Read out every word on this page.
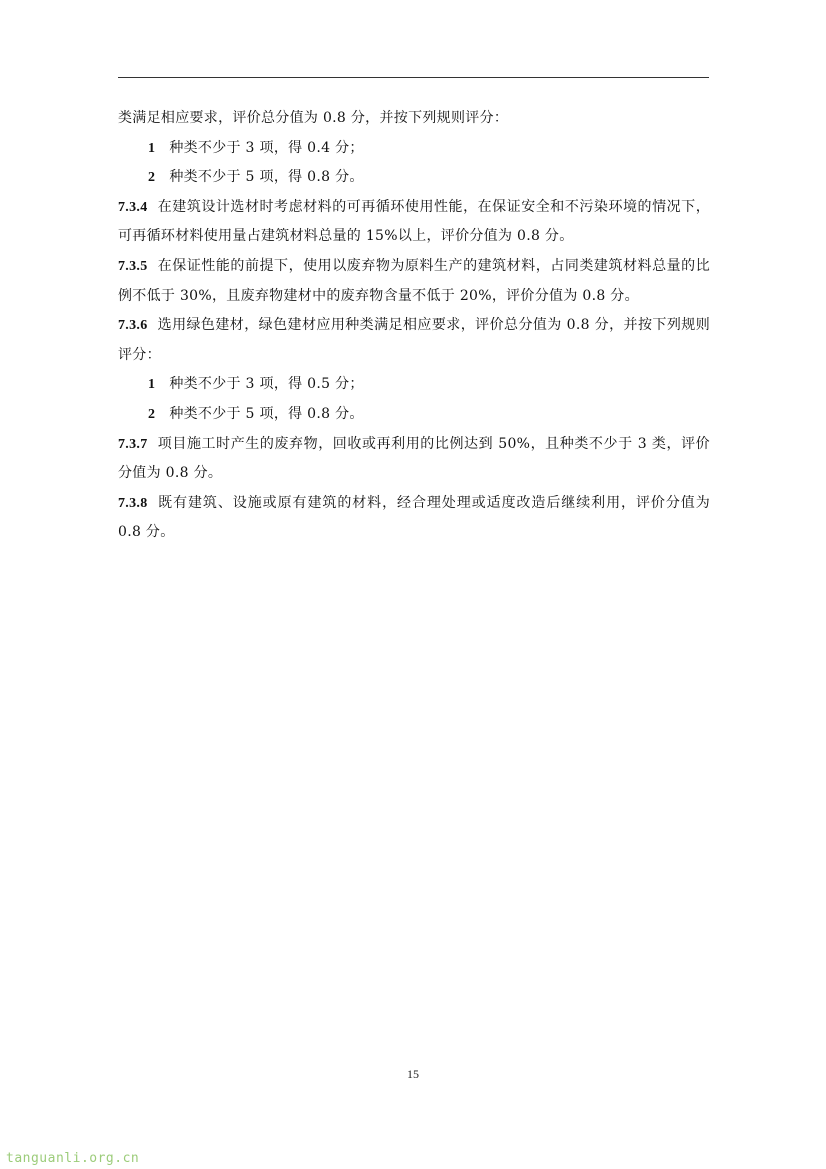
类满足相应要求，评价总分值为 0.8 分，并按下列规则评分：

1 种类不少于 3 项，得 0.4 分；

2 种类不少于 5 项，得 0.8 分。

7.3.4 在建筑设计选材时考虑材料的可再循环使用性能，在保证安全和不污染环境的情况下，可再循环材料使用量占建筑材料总量的 15%以上，评价分值为 0.8 分。

7.3.5 在保证性能的前提下，使用以废弃物为原料生产的建筑材料，占同类建筑材料总量的比例不低于 30%，且废弃物建材中的废弃物含量不低于 20%，评价分值为 0.8 分。

7.3.6 选用绿色建材，绿色建材应用种类满足相应要求，评价总分值为 0.8 分，并按下列规则评分：

1 种类不少于 3 项，得 0.5 分；

2 种类不少于 5 项，得 0.8 分。

7.3.7 项目施工时产生的废弃物，回收或再利用的比例达到 50%，且种类不少于 3 类，评价分值为 0.8 分。

7.3.8 既有建筑、设施或原有建筑的材料，经合理处理或适度改造后继续利用，评价分值为 0.8 分。

15
tanguanli.org.cn
